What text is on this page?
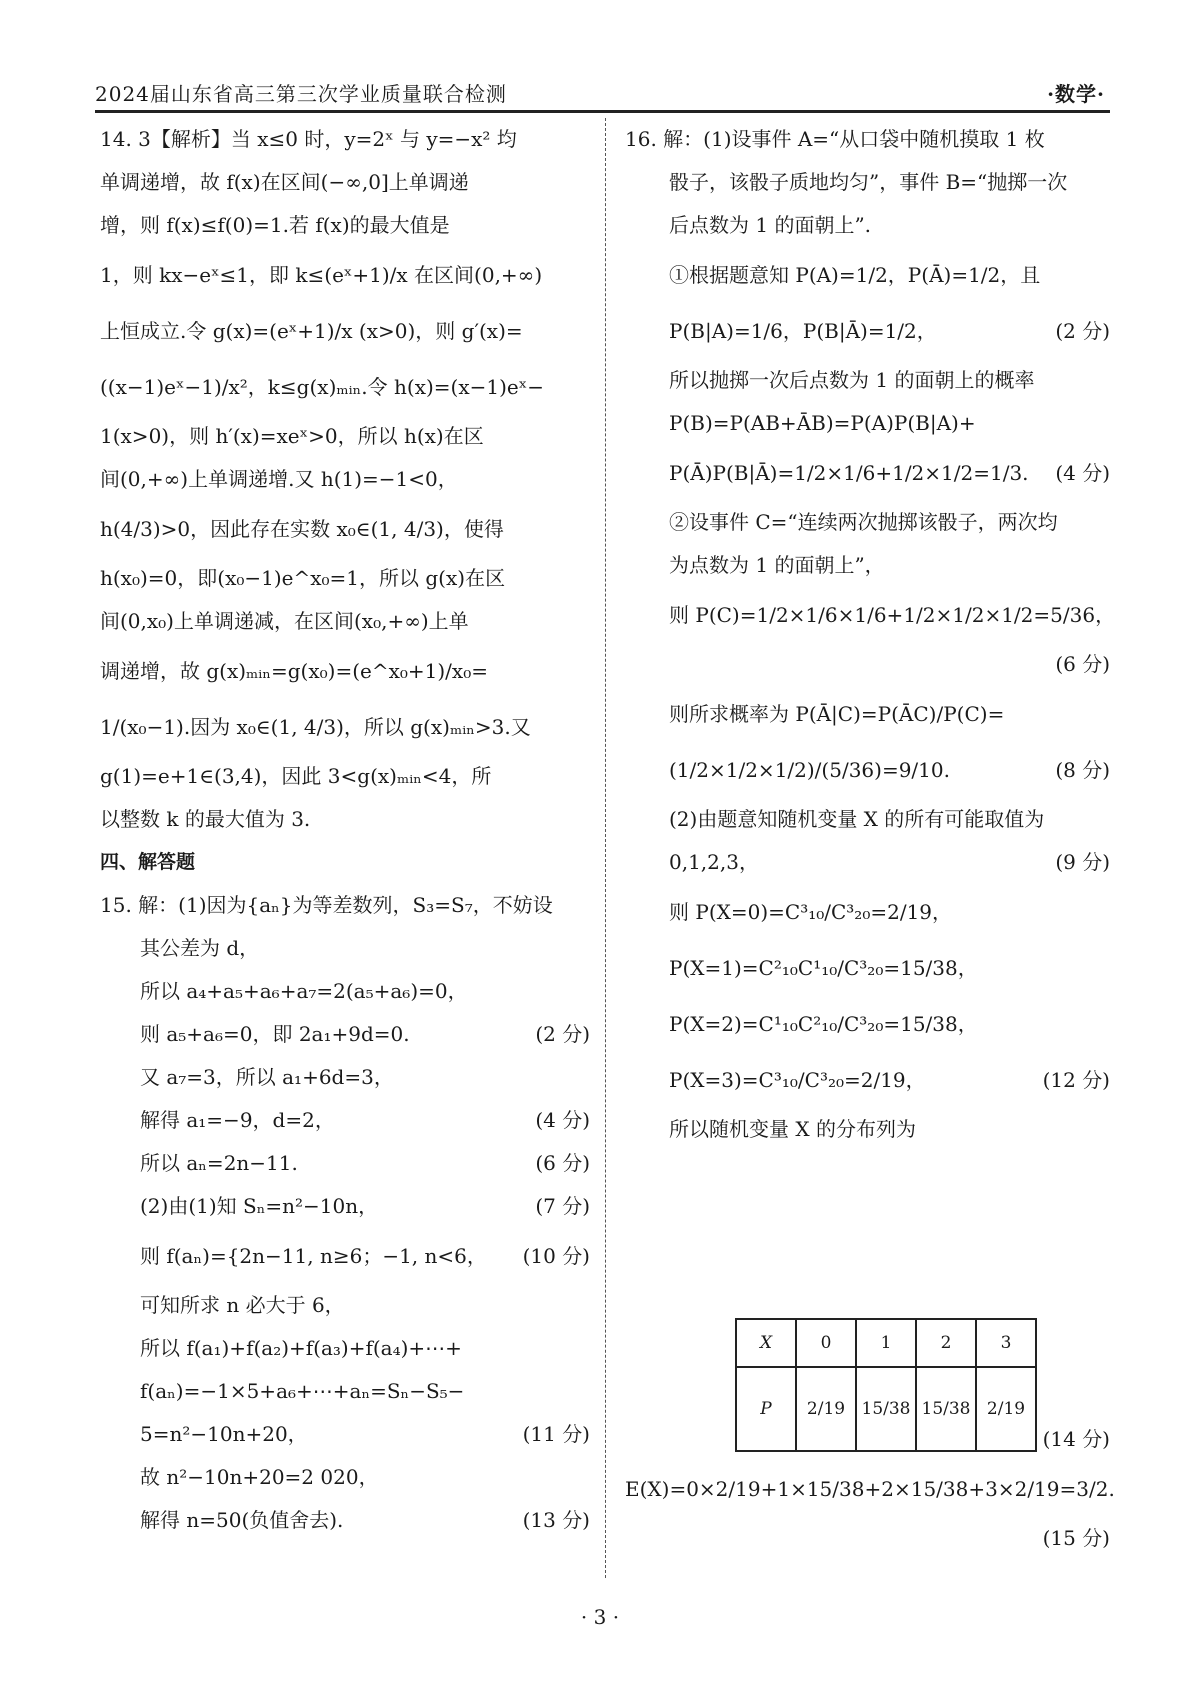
2024届山东省高三第三次学业质量联合检测	·数学·
14. 3【解析】当 x≤0 时，y=2ˣ 与 y=−x² 均
单调递增，故 f(x)在区间(−∞,0]上单调递
增，则 f(x)≤f(0)=1.若 f(x)的最大值是
1，则 kx−eˣ≤1，即 k≤(eˣ+1)/x 在区间(0,+∞)
上恒成立.令 g(x)=(eˣ+1)/x (x>0)，则 g′(x)=
((x−1)eˣ−1)/x²，k≤g(x)ₘᵢₙ.令 h(x)=(x−1)eˣ−
1(x>0)，则 h′(x)=xeˣ>0，所以 h(x)在区
间(0,+∞)上单调递增.又 h(1)=−1<0，
h(4/3)>0，因此存在实数 x₀∈(1, 4/3)，使得
h(x₀)=0，即(x₀−1)e^x₀=1，所以 g(x)在区
间(0,x₀)上单调递减，在区间(x₀,+∞)上单
调递增，故 g(x)ₘᵢₙ=g(x₀)=(e^x₀+1)/x₀=
1/(x₀−1).因为 x₀∈(1, 4/3)，所以 g(x)ₘᵢₙ>3.又
g(1)=e+1∈(3,4)，因此 3<g(x)ₘᵢₙ<4，所
以整数 k 的最大值为 3.
四、解答题
15. 解：(1)因为{aₙ}为等差数列，S₃=S₇，不妨设
其公差为 d，
所以 a₄+a₅+a₆+a₇=2(a₅+a₆)=0，
则 a₅+a₆=0，即 2a₁+9d=0.	(2 分)
又 a₇=3，所以 a₁+6d=3，
解得 a₁=−9，d=2，	(4 分)
所以 aₙ=2n−11.	(6 分)
(2)由(1)知 Sₙ=n²−10n，	(7 分)
则 f(aₙ)={2n−11, n≥6；−1, n<6， (10 分)
可知所求 n 必大于 6，
所以 f(a₁)+f(a₂)+f(a₃)+f(a₄)+⋯+
f(aₙ)=−1×5+a₆+⋯+aₙ=Sₙ−S₅−
5=n²−10n+20，	(11 分)
故 n²−10n+20=2 020，
解得 n=50(负值舍去).	(13 分)
16. 解：(1)设事件 A=“从口袋中随机摸取 1 枚
骰子，该骰子质地均匀”，事件 B=“抛掷一次
后点数为 1 的面朝上”.
①根据题意知 P(A)=1/2，P(Ā)=1/2，且
P(B|A)=1/6，P(B|Ā)=1/2，	(2 分)
所以抛掷一次后点数为 1 的面朝上的概率
P(B)=P(AB+ĀB)=P(A)P(B|A)+
P(Ā)P(B|Ā)=1/2×1/6+1/2×1/2=1/3. (4 分)
②设事件 C=“连续两次抛掷该骰子，两次均
为点数为 1 的面朝上”，
则 P(C)=1/2×1/6×1/6+1/2×1/2×1/2=5/36，
(6 分)
则所求概率为 P(Ā|C)=P(ĀC)/P(C)=
(1/2×1/2×1/2)/(5/36)=9/10.	(8 分)
(2)由题意知随机变量 X 的所有可能取值为
0,1,2,3，	(9 分)
则 P(X=0)=C³₁₀/C³₂₀=2/19，
P(X=1)=C²₁₀C¹₁₀/C³₂₀=15/38，
P(X=2)=C¹₁₀C²₁₀/C³₂₀=15/38，
P(X=3)=C³₁₀/C³₂₀=2/19，	(12 分)
所以随机变量 X 的分布列为
X	0	1	2	3
P	2/19	15/38	15/38	2/19
(14 分)
E(X)=0×2/19+1×15/38+2×15/38+3×2/19=3/2.
(15 分)
· 3 ·
